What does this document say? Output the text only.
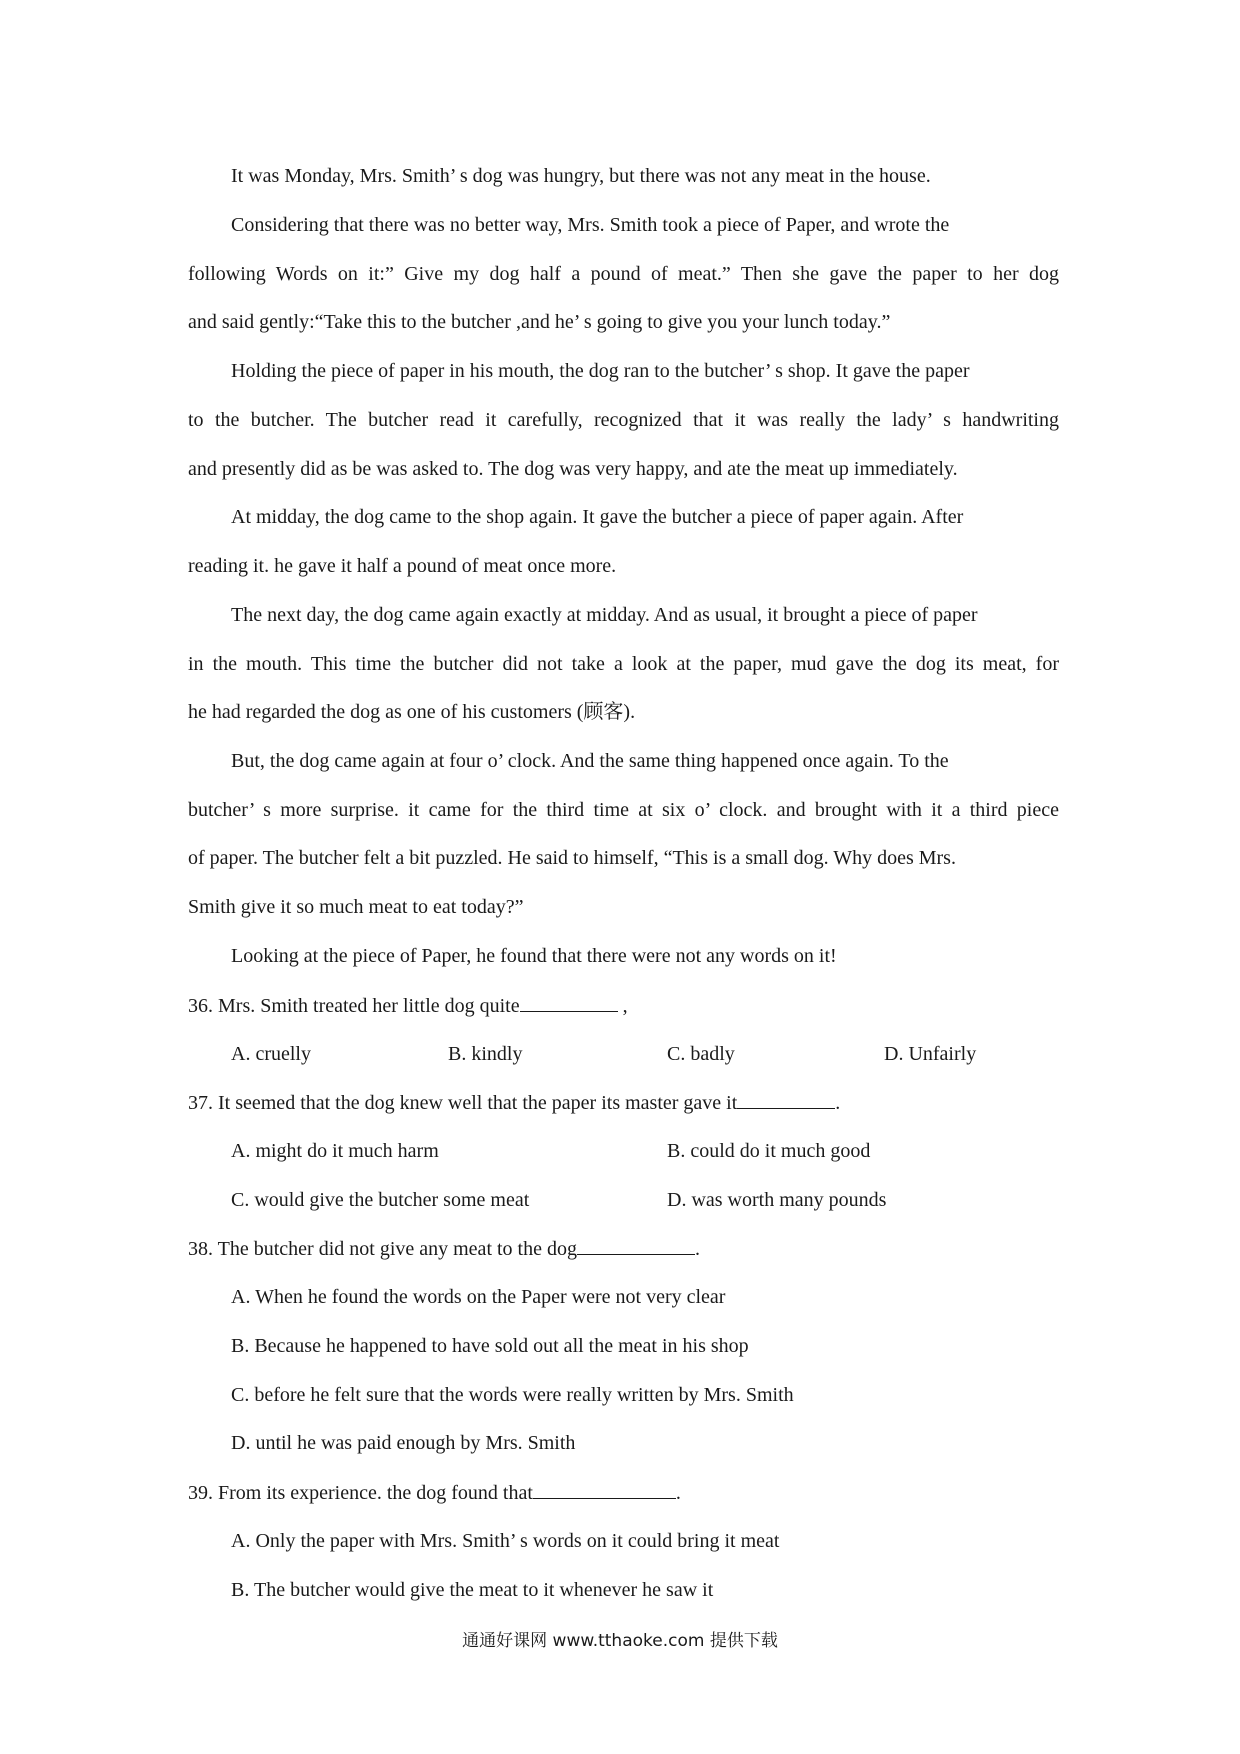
It was Monday, Mrs. Smith’ s dog was hungry, but there was not any meat in the house.
Considering that there was no better way, Mrs. Smith took a piece of Paper, and wrote the
following Words on it:” Give my dog half a pound of meat.” Then she gave the paper to her dog
and said gently:“Take this to the butcher ,and he’ s going to give you your lunch today.”
Holding the piece of paper in his mouth, the dog ran to the butcher’ s shop. It gave the paper
to the butcher. The butcher read it carefully, recognized that it was really the lady’ s handwriting
and presently did as be was asked to. The dog was very happy, and ate the meat up immediately.
At midday, the dog came to the shop again. It gave the butcher a piece of paper again. After
reading it. he gave it half a pound of meat once more.
The next day, the dog came again exactly at midday. And as usual, it brought a piece of paper
in the mouth. This time the butcher did not take a look at the paper, mud gave the dog its meat, for
he had regarded the dog as one of his customers (顾客).
But, the dog came again at four o’ clock. And the same thing happened once again. To the
butcher’ s more surprise. it came for the third time at six o’ clock. and brought with it a third piece
of paper. The butcher felt a bit puzzled. He said to himself, “This is a small dog. Why does Mrs.
Smith give it so much meat to eat today?”
Looking at the piece of Paper, he found that there were not any words on it!
36. Mrs. Smith treated her little dog quite	,
A. cruelly	B. kindly	C. badly	D. Unfairly
37. It seemed that the dog knew well that the paper its master gave it	.
A. might do it much harm	B. could do it much good
C. would give the butcher some meat	D. was worth many pounds
38. The butcher did not give any meat to the dog	.
A. When he found the words on the Paper were not very clear
B. Because he happened to have sold out all the meat in his shop
C. before he felt sure that the words were really written by Mrs. Smith
D. until he was paid enough by Mrs. Smith
39. From its experience. the dog found that	.
A. Only the paper with Mrs. Smith’ s words on it could bring it meat
B. The butcher would give the meat to it whenever he saw it
通通好课网 www.tthaoke.com 提供下载
